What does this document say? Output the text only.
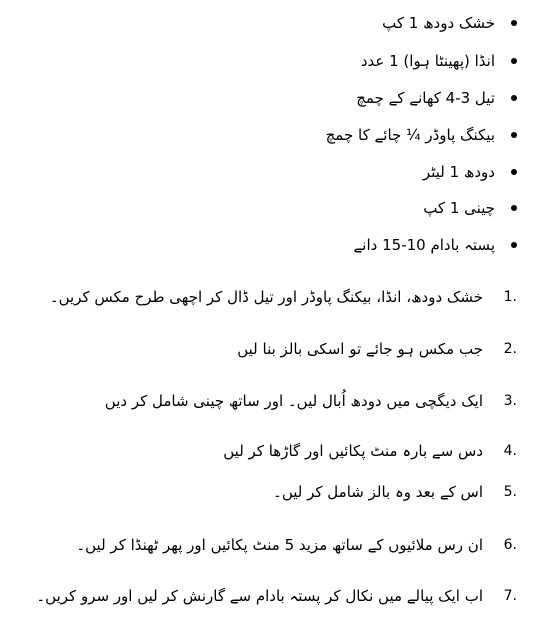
خشک دودھ 1 کپ
انڈا (پھینٹا ہوا) 1 عدد
تیل 3-4 کھانے کے چمچ
بیکنگ پاوڈر ¼ چائے کا چمچ
دودھ 1 لیٹر
چینی 1 کپ
پستہ بادام 10-15 دانے
1.
خشک دودھ، انڈا، بیکنگ پاوڈر اور تیل ڈال کر اچھی طرح مکس کریں۔
2.
جب مکس ہو جائے تو اسکی بالز بنا لیں
3.
ایک دیگچی میں دودھ اُبال لیں۔ اور ساتھ چینی شامل کر دیں
4.
دس سے بارہ منٹ پکائیں اور گاڑھا کر لیں
5.
اس کے بعد وہ بالز شامل کر لیں۔
6.
ان رس ملائیوں کے ساتھ مزید 5 منٹ پکائیں اور پھر ٹھنڈا کر لیں۔
7.
اب ایک پیالے میں نکال کر پستہ بادام سے گارنش کر لیں اور سرو کریں۔
